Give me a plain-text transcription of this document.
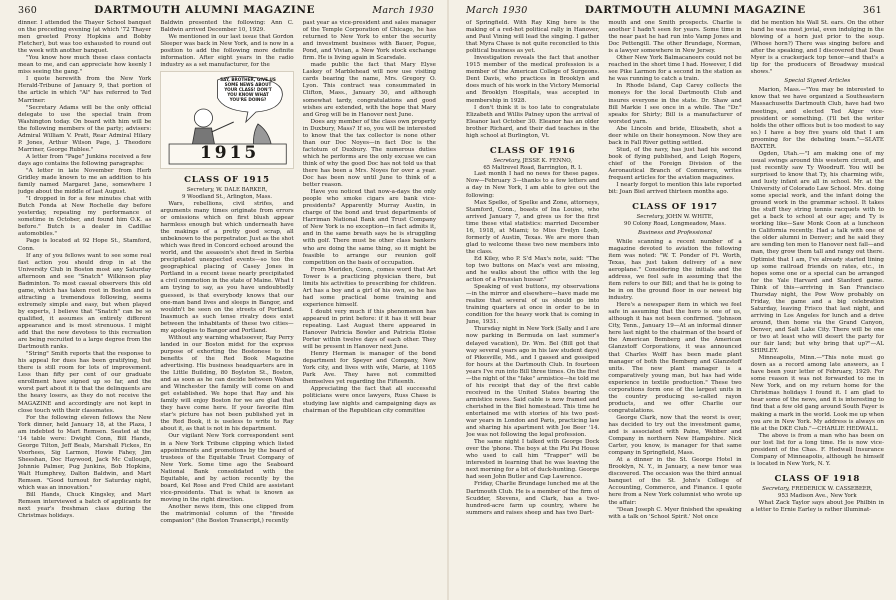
360	DARTMOUTH ALUMNI MAGAZINE	March 1930

dinner. I attended the Thayer School banquet on the preceding evening (at which '72 Thayer men greeted Proxy Hopkins and Bobby Fletcher), but was too exhausted to round out the week with another banquet.

"You know how much these class contacts mean to me, and can appreciate how keenly I miss seeing the gang."

I quote herewith from the New York Herald-Tribune of January 9, that portion of the article in which "Al" has referred to Ted Marriner:

"Secretary Adams will be the only official delegate to use the special train from Washington today. On board with him will be the following members of the party; advisers: Admiral William V. Pratt, Rear Admiral Hilary P. Jones, Arthur Wilson Page, J. Theodore Marriner, George Rublee."

A letter from "Page" Junkins received a few days ago contains the following paragraphs:

"A letter in late November from Herb Gridley made known to me an addition to his family named Margaret Jane, somewhere I judge about the middle of last August.

"I dropped in for a few minutes chat with Butch Fonda at New Rochelle day before yesterday, repeating my performance of sometime in October, and found him O.K. as before." Butch is a dealer in Cadillac automobiles."

Page is located at 92 Hope St., Stamford, Conn.

If any of you fellows want to see some real fast action you should drop in at the University Club in Boston most any Saturday afternoon and see "Snatch" Wilkinson play Badminton. To most casual observers this old game, which has taken root in Boston and is attracting a tremendous following, seems extremely simple and easy, but when played by experts, I believe that "Snatch" can be so qualified, it assumes an entirely different appearance and is most strenuous. I might add that the new devotees to this recreation are being recruited to a large degree from the Dartmouth ranks.

"String" Smith reports that the response to his appeal for dues has been gratifying, but there is still room for lots of improvement. Less than fifty per cent of our graduate enrollment have signed up so far, and the worst part about it is that the delinquents are the heavy losers, as they do not receive the MAGAZINE and accordingly are not kept in close touch with their classmates.

For the following eleven fellows the New York dinner, held January 18, at the Plaza, I am indebted to Mart Remsen. Seated at the '14 table were: Dwight Conn, Bill Hands, George Tilton, Jeff Beals, Marshall Fickes, En Voorhees, Sig Larmon, Howie Fahey, Jim Sheeshan, Doc Haywood, Jack Mc Cullough, Johnnie Palmer, Pug Junkins, Bob Hopkins, Walt Humphrey, Dalton Baldwin, and Mart Remsen. "Good turnout for Saturday night, which was an innovation."

Bill Hands, Chuck Kingsley, and Mart Remsen interviewed a batch of applicants for next year's freshman class during the Christmas holidays.

Baldwin presented the following: Ann C. Baldwin arrived December 10, 1929.

We mentioned in our last issue that Gordon Sleeper was back in New York, and is now in a position to add the following more definite information. After eight years in the radio industry as a set manufacturer, for the

SAY, BROTHER, GIVE US SOME NEWS ABOUT YOUR CLASS! DON'T YOU KNOW WHAT YOU'RE DOING?
1915
CLASS OF 1915
Secretary, W. DALE BARKER,
9 Woodland St., Arlington, Mass.

Wars, rebellions, civil strifes, and arguments many times originate from errors or omissions which on first blush appear harmless enough but which underneath have the makings of a pretty good scrap, all unbeknown to the perpetrator. Just as the shot which was fired in Concord echoed around the world, and the assassin's shot fired in Serbia precipitated unexpected events—so too the geographical placing of Casey Jones in Portland in a recent issue nearly precipitated a civil commotion in the state of Maine. What I am trying to say, as you have undoubtedly guessed, is that everybody knows that our one-man band lives and sleeps in Bangor, and wouldn't be seen on the streets of Portland. Inasmuch as such tense rivalry does exist between the inhabitants of these two cities—my apologies to Bangor and Portland.

Without any warning whatsoever, Ray Perry landed in our Boston midst for the express purpose of exhorting the Bostonese to the benefits of the Red Book Magazine advertising. His business headquarters are in the Little Building, 80 Boylston St., Boston, and as soon as he can decide between Waban and Winchester the family will come on and get established. We hope that Ray and his family will enjoy Boston for we are glad that they have come here. If your favorite film star's picture has not been published yet in the Red Book, it is useless to write to Ray about it, as that is not in his department.

Our vigilant New York correspondent sent in a New York Tribune clipping which listed appointments and promotions by the board of trustees of the Equitable Trust Company of New York. Some time ago the Seaboard National Bank consolidated with the Equitable, and by action recently by the board, Kel Rose and Fred Child are assistant vice-presidents. That is what is known as moving in the right direction.

Another news item, this one clipped from the matrimonial column of the "fireside companion" (the Boston Transcript,) recently

past year as vice-president and sales manager of the Temple Corporation of Chicago, he has returned to New York to enter the security and investment business with Bauer, Pogue, Pond, and Vivian, a New York stock exchange firm. He is living again in Scarsdale.

made public the fact that Mary Elyse Laskey of Marblehead will now use visiting cards bearing the name, Mrs. Gregory O. Lyon. This contract was consummated in Clifton, Mass., January 30, and although somewhat tardy, congratulations and good wishes are extended, with the hope that Mary and Greg will be in Hanover next June.

Does any member of the class own property in Duxbury, Mass? If so, you will be interested to know that the tax collector is none other than our Doc Noyes—in fact Doc is the factotum of Duxbury. The numerous duties which he performs are the only excuse we can think of why the good Doc has not told us that there has been a Mrs. Noyes for over a year. Doc has been now until June to think of a better reason.

Have you noticed that now-a-days the only people who smoke cigars are bank vice-presidents? Apparently Murray Austin, in charge of the bond and trust departments of Harriman National Bank and Trust Company of New York is no exception—in fact admits it, and in the same breath says he is struggling with golf. There must be other class bankers who are doing the same thing, so it might be feasible to arrange our reunion golf competition on the basis of occupation.

From Meriden, Conn., comes word that Art Tower is a practicing physician there, but limits his activities to prescribing for children. Art has a boy and a girl of his own, so he has had some practical home training and experience himself.

I doubt very much if this phenomenon has appeared in print before: if it has it will bear repeating. Last August there appeared in Hanover Patricia Bowler and Patricia Eloise Porter within twelve days of each other. They will be present in Hanover next June.

Henry Herman is manager of the bond department for Speyer and Company, New York city, and lives with wife, Marie, at 1165 Park Ave. They have not committed themselves yet regarding the Fifteenth.

Appreciating the fact that all successful politicians were once lawyers, Russ Chase is studying law nights and campaigning days as chairman of the Republican city committee

March 1930	DARTMOUTH ALUMNI MAGAZINE	361

of Springfield. With Ray King here is the making of a red-hot political rally in Hanover, and Paul Vining will lead the singing. I gather that Myra Chase is not quite reconciled to this political business as yet.

Investigation reveals the fact that another 1915 member of the medical profession is a member of the American College of Surgeons. Dent Davis, who practices in Brooklyn and does much of his work in the Victory Memorial and Brooklyn Hospitals, was accepted in membership in 1928.

I don't think it is too late to congratulate Elizabeth and Willis Patney upon the arrival of Eleanor last October 30. Eleanor has an older brother Richard, and their dad teaches in the high school at Burlington, Vt.

CLASS OF 1916
Secretary, JESSE K. FENNO,
65 Maltrevel Road, Barrington, R. I.

Last month I had no news for these pages. Now—February 3—thanks to a few letters and a day in New York, I am able to give out the following:

Max Spelke, of Spelke and Zone, attorneys, Stamford, Conn., boasts of Ina Louise, who arrived January 7, and gives us for the first time these vital statistics: married December 16, 1918, at Miami; to Miss Evelyn Loeb, formerly of Austin, Texas. We are more than glad to welcome these two new members into the class.

Ed Kiley, who P. S'd Max's note, said: "The top two buttons on Max's vest are missing, and he walks about the office with the leg action of a Prussian hussar."

Speaking of vest buttons, my observations—in the mirror and elsewhere—have made me realize that several of us should go into training quarters at once in order to be in condition for the heavy work that is coming in June, 1931.

Thursday night in New York (Sally and I are now parking in Bermuda on last summer's delayed vacation), Dr. Wm. Bel (Bill got that way several years ago in his law student days) of Pikesville, Md., and I gassed and gossiped for hours at the Dartmouth Club. In fourteen years I've run into Bill three times. On the first—the night of the "fake" armistice—he told me of his receipt that day of the first cable received in the United States bearing the armistice news. Said cable is now framed and cherished in the Biel homestead. This time he entertained me with stories of his two post-war years in London and Paris, practicing law and sharing his apartment with Joe Beer '14. Joe was not following the legal profession.

The same night I talked with George Dock over the 'phone. The boys at the Phi Psi House who used to call him "Trapper" will be interested in learning that he was leaving the next morning for a bit of duck-hunting. George had seen John Butler and Cap Lawrence.

Friday, Charlie Brundage lunched me at the Dartmouth Club. He is a member of the firm of Scudder, Stevens, and Clark, has a two-hundred-acre farm up country, where he summers and raises sheep and has two Dart-

mouth and one Smith prospects. Charlie is another I hadn't seen for years. Some time in the near past he had run into Vamp Jones and Doc Pettengill. The other Brundage, Norman, is a lawyer somewhere in New Jersey.

Other New York Balmacaneers could not be reached in the short time I had. However, I did see Pike Larmon for a second in the station as he was running to catch a train.

In Rhode Island, Cap Carey collects the moneys for the local Dartmouth Club and insures everyone in the state. Dr. Shaw and Bill Markie I see once in a while. The "Dr." speaks for Shirty; Bill is a manufacturer of worsted yarn.

Abe Lincoln and bride, Elizabeth, shot a deer while on their honeymoon. Now they are back in Fall River getting settled.

Stud, of the navy, has just had his second book of flying published, and Leigh Rogers, chief of the Foreign Division of the Aeronautical Branch of Commerce, writes frequent articles for the aviation magazines.

I nearly forgot to mention this late reported bit: Joan Biel arrived thirteen months ago.

CLASS OF 1917
Secretary, JOHN W. WHITE,
90 Colony Road, Longmeadow, Mass.
Business and Professional

While scanning a recent number of a magazine devoted to aviation the following item was noted: "W. T. Ponder of Ft. Worth, Texas, has just taken delivery of a new aeroplane." Considering the initials and the address, we feel safe in assuming that the item refers to our Bill; and that he is going to be in on the ground floor in our newest big industry.

Here's a newspaper item in which we feel safe in assuming that the hero is one of us, although it has not been confirmed. "Johnson City, Tenn., January 19—At an informal dinner here last night to the chairman of the board of the American Bemberg and the American Glanzstoff Corporations, it was announced that Charles Wolff has been made plant manager of both the Bemberg and Glanzstoff units. The new plant manager is a comparatively young man, but has had wide experience in textile production." These two corporations form one of the largest units in the country producing so-called rayon products, and we offer Charlie our congratulations.

George Clark, now that the worst is over, has decided to try out the investment game, and is associated with Paine, Webber and Company in northern New Hampshire. Nick Carter, you know, is manager for that same company in Springfield, Mass.

At a dinner in the St. George Hotel in Brooklyn, N. Y., in January, a new tenor was discovered. The occasion was the third annual banquet of the St. John's College of Accounting, Commerce, and Finance. I quote here from a New York columnist who wrote up the affair:

"Dean Joseph C. Myer finished the speaking with a talk on 'School Spirit.' Not once

did he mention his Wall St. ears. On the other hand he was most jovial, even indulging in the blowing of a horn just prior to the soup. (Whose horn?) There was singing before and after the speaking, and I discovered that Dean Myer is a crackerjack top tenor—and that's a tip for the producers of Broadway musical shows."

Special Signed Articles

Marion, Mass.—"You may be interested to know that we have organized a Southeastern Massachusetts Dartmouth Club, have had two meetings, and elected Ted Alger vice-president or something. (I'll bet the writer holds the other offices but is too modest to say so.) I have a boy five years old that I am grooming for the debating team."—SLATE BAXTER.

Ogden, Utah.—"I am making one of my usual swings around this western circuit, and just recently saw Ty Woodruff. You will be surprised to know that Ty, his charming wife, and lusty infant are all in school. Mr. at the University of Colorado Law School. Mrs. doing some special work, and the infant doing the ground work in the grammar school. It takes the stuff they string tennis racquets with to get a back to school at our age; and Ty is working like—Saw Monk Coon at a luncheon in California recently. Had a talk with one of the older alumni in Denver; and he said they are sending ten men to Hanover next fall—and man, they grow them tall and rangy out there. Optimist that I am, I've already started lining up some railroad friends on rates, etc., in hopes some one or a special can be arranged for the Yale Harvard and Stanford game. Think of this—arriving in San Francisco Thursday night, the Pow Wow probably on Friday, the game and a big celebration Saturday, leaving Frisco that last night, and arriving in Los Angeles for lunch and a drive around, then home via the Grand Canyon, Denver, and Salt Lake City. There will be one or two at least who will desert the party for our fair land; but why bring that up?"—AL SHIRLEY.

Minneapolis, Minn.—"This note must go down as a record among late answers, as I have been your letter of February, 1929. For some reason it was not forwarded to me in New York, and on my return home for the Christmas holidays I found it. I am glad to hear some of the news, and it is interesting to find that a few old gang around South Fayer is making a mark in the world. Look me up when you are in New York. My address is always on file at the DKE Club."—CHARLIE HEDWALL.

The above is from a man who has been on our lost list for a long time. He is now vice-president of the Chas. F. Hedwall Insurance Company of Minneapolis, although he himself is located in New York, N. Y.

CLASS OF 1918
Secretary, FREDERICK W. CASSEBEER,
953 Madison Ave., New York

What Zack Taylor says about Joe Philbin in a letter to Ernie Earley is rather illuminat-
